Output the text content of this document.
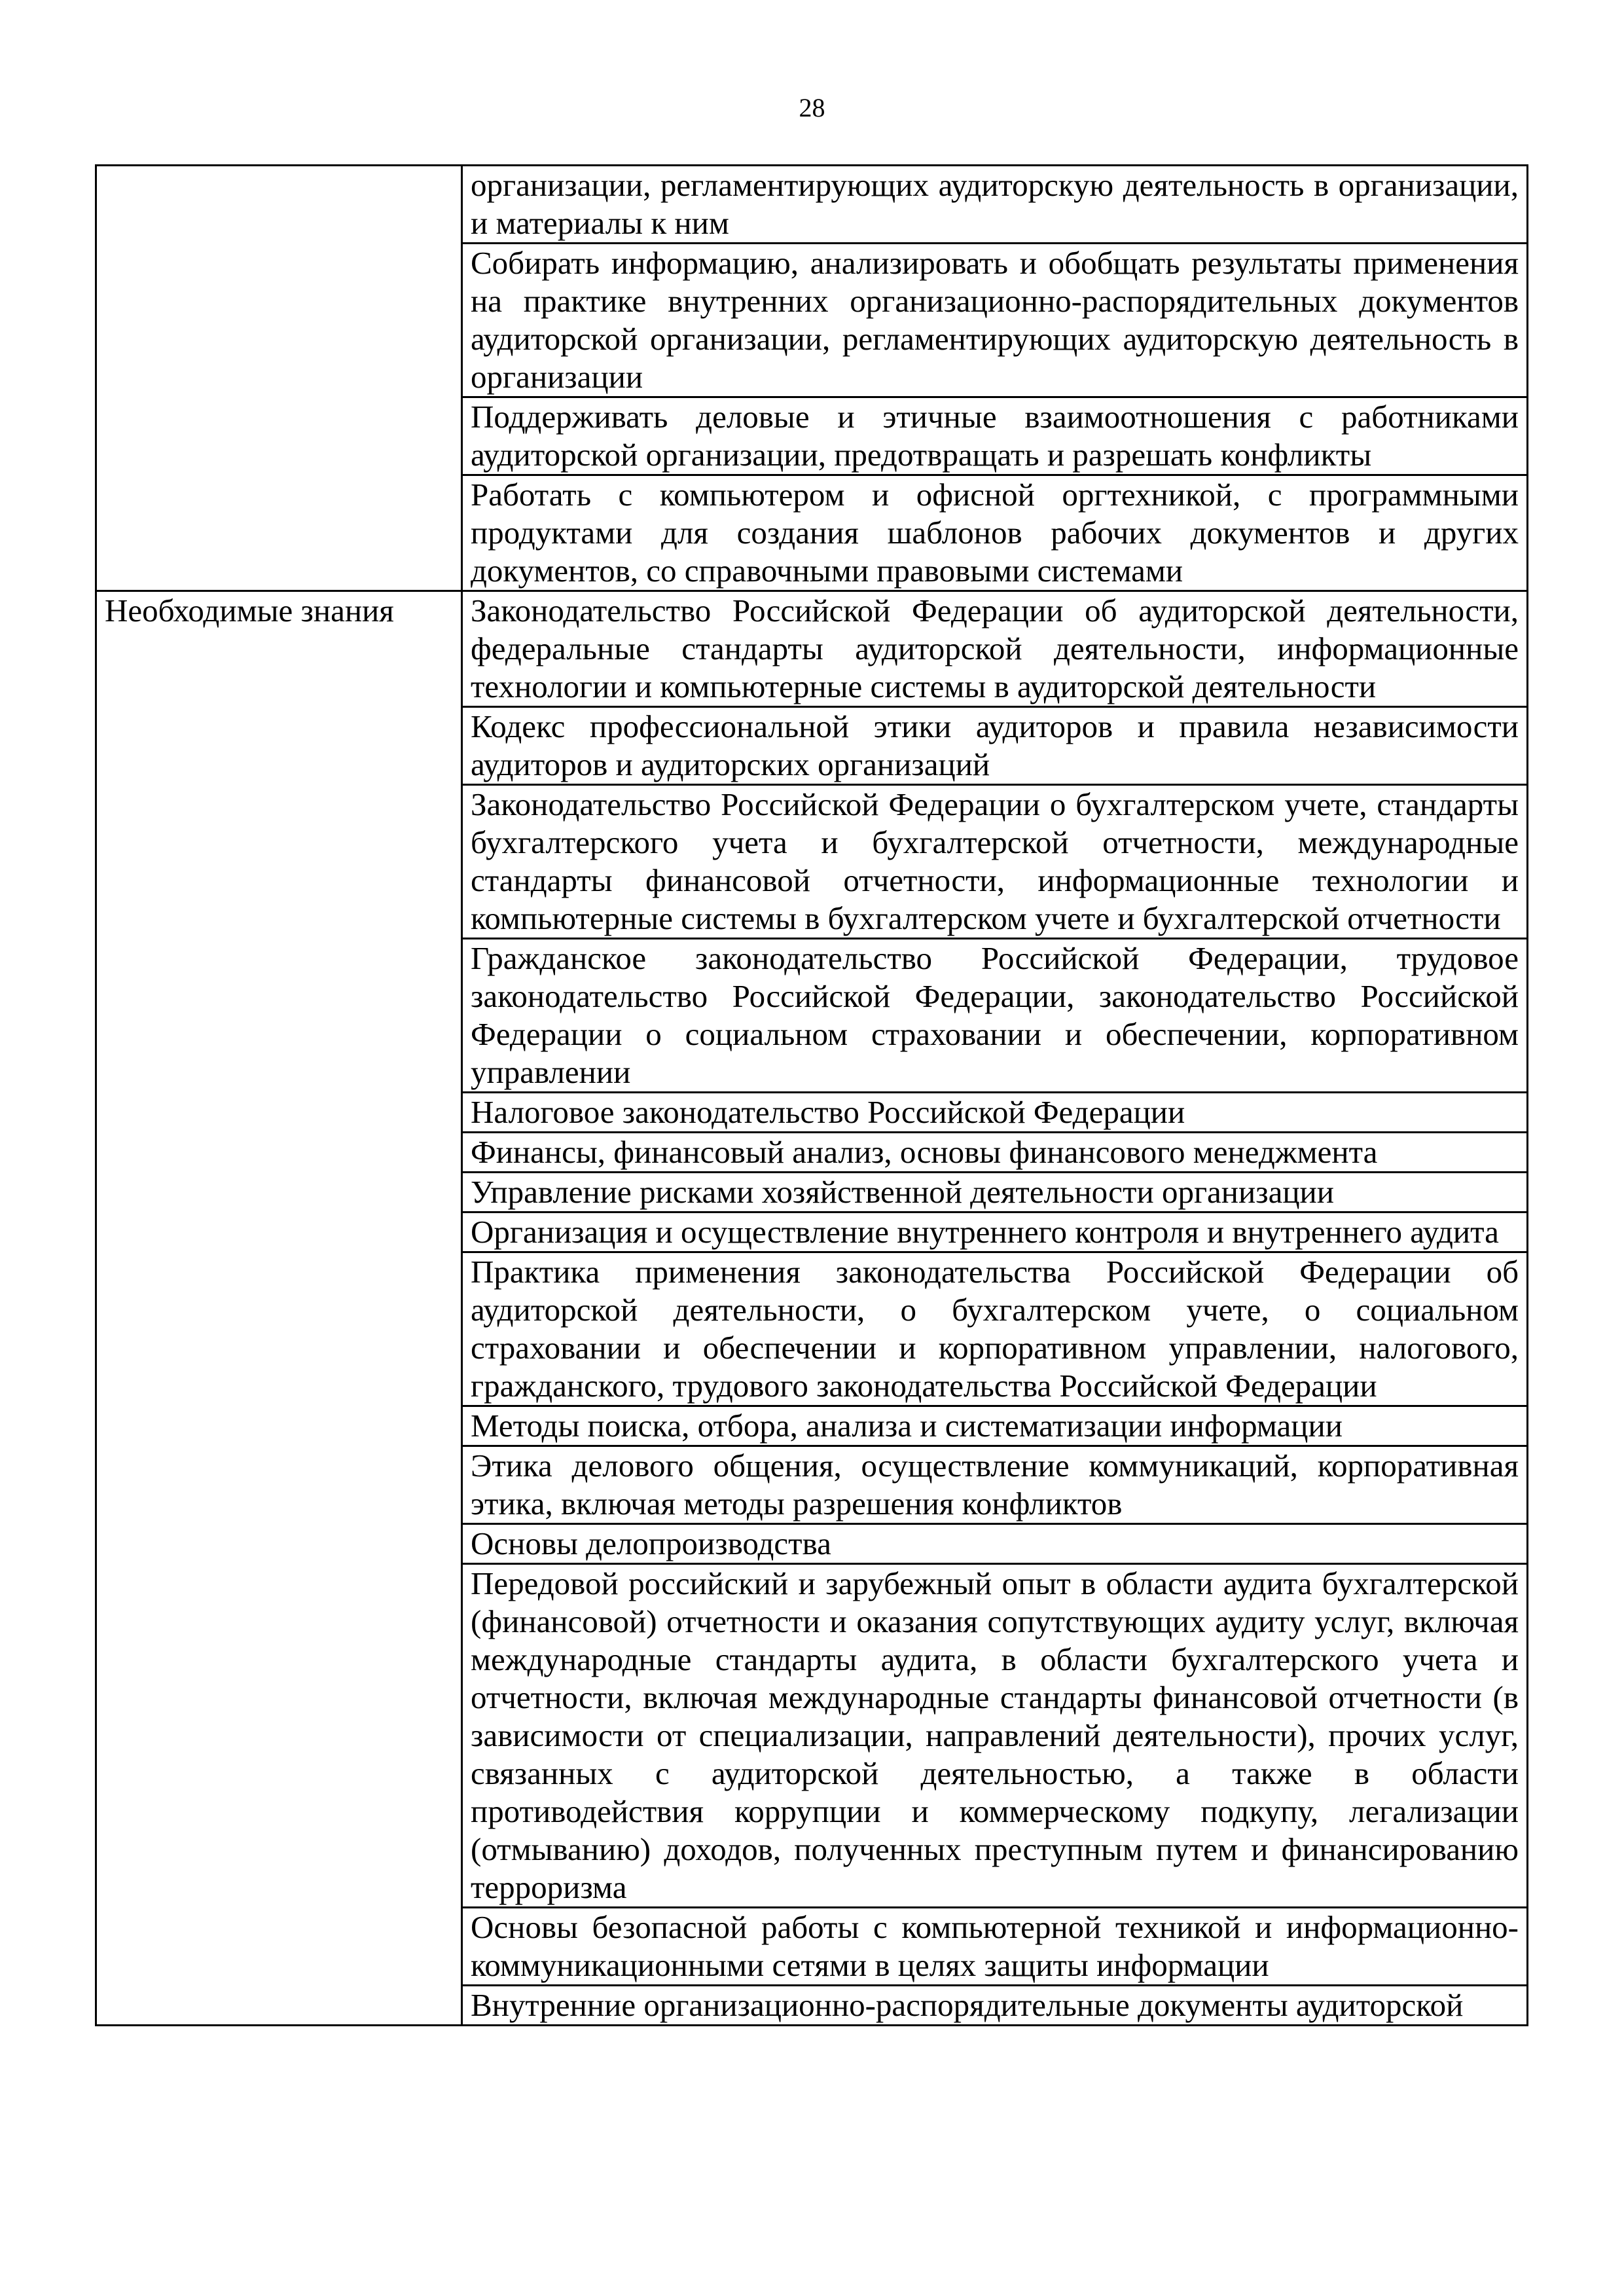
28
	организации, регламентирующих аудиторскую деятельность в организации, и материалы к ним
	Собирать информацию, анализировать и обобщать результаты применения на практике внутренних организационно-распорядительных документов аудиторской организации, регламентирующих аудиторскую деятельность в организации
	Поддерживать деловые и этичные взаимоотношения с работниками аудиторской организации, предотвращать и разрешать конфликты
	Работать с компьютером и офисной оргтехникой, с программными продуктами для создания шаблонов рабочих документов и других документов, со справочными правовыми системами
Необходимые знания	Законодательство Российской Федерации об аудиторской деятельности, федеральные стандарты аудиторской деятельности, информационные технологии и компьютерные системы в аудиторской деятельности
	Кодекс профессиональной этики аудиторов и правила независимости аудиторов и аудиторских организаций
	Законодательство Российской Федерации о бухгалтерском учете, стандарты бухгалтерского учета и бухгалтерской отчетности, международные стандарты финансовой отчетности, информационные технологии и компьютерные системы в бухгалтерском учете и бухгалтерской отчетности
	Гражданское законодательство Российской Федерации, трудовое законодательство Российской Федерации, законодательство Российской Федерации о социальном страховании и обеспечении, корпоративном управлении
	Налоговое законодательство Российской Федерации
	Финансы, финансовый анализ, основы финансового менеджмента
	Управление рисками хозяйственной деятельности организации
	Организация и осуществление внутреннего контроля и внутреннего аудита
	Практика применения законодательства Российской Федерации об аудиторской деятельности, о бухгалтерском учете, о социальном страховании и обеспечении и корпоративном управлении, налогового, гражданского, трудового законодательства Российской Федерации
	Методы поиска, отбора, анализа и систематизации информации
	Этика делового общения, осуществление коммуникаций, корпоративная этика, включая методы разрешения конфликтов
	Основы делопроизводства
	Передовой российский и зарубежный опыт в области аудита бухгалтерской (финансовой) отчетности и оказания сопутствующих аудиту услуг, включая международные стандарты аудита, в области бухгалтерского учета и отчетности, включая международные стандарты финансовой отчетности (в зависимости от специализации, направлений деятельности), прочих услуг, связанных с аудиторской деятельностью, а также в области противодействия коррупции и коммерческому подкупу, легализации (отмыванию) доходов, полученных преступным путем и финансированию терроризма
	Основы безопасной работы с компьютерной техникой и информационно-коммуникационными сетями в целях защиты информации
	Внутренние организационно-распорядительные документы аудиторской
